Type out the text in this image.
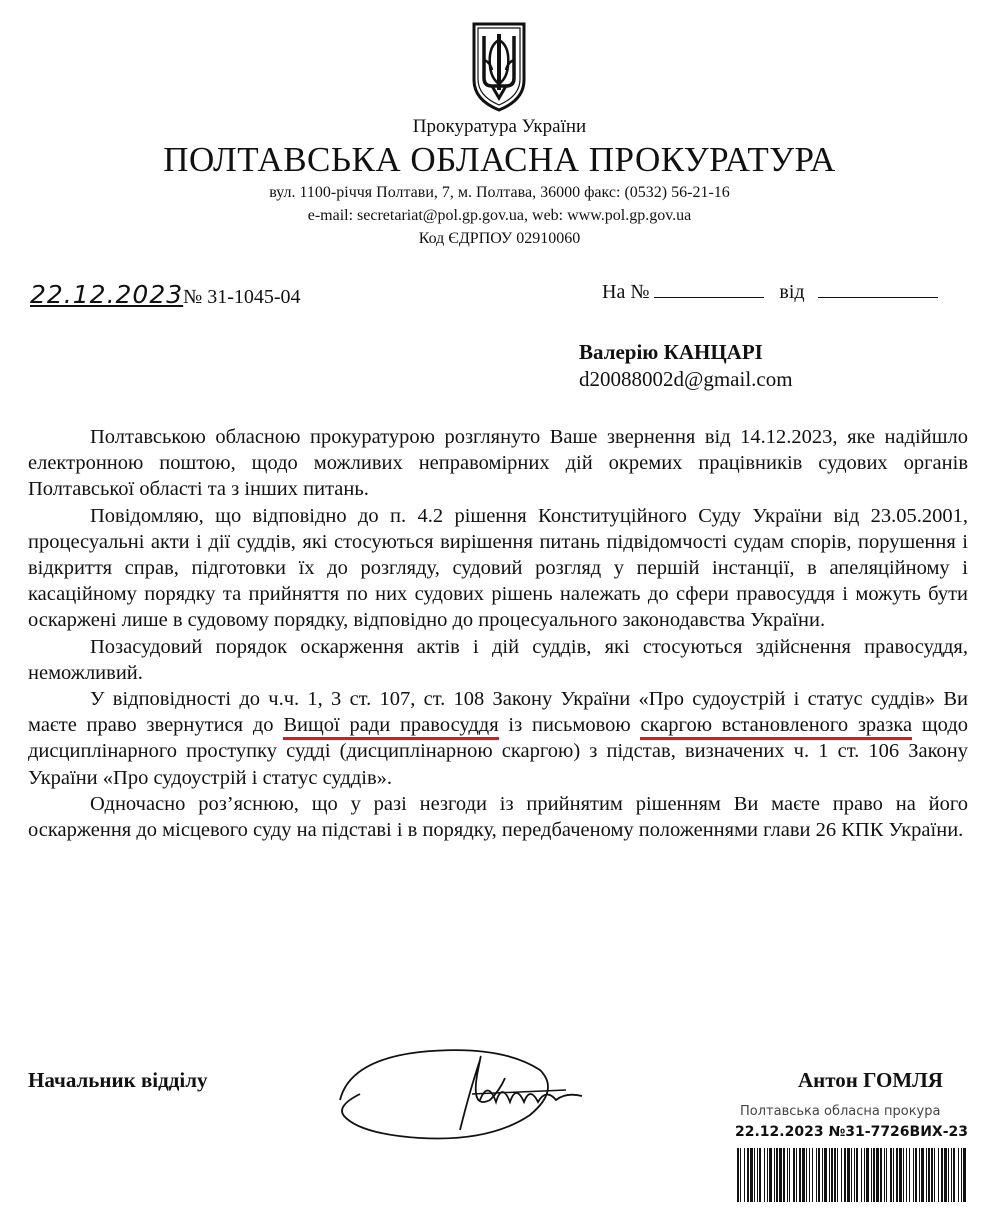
Прокуратура України
ПОЛТАВСЬКА ОБЛАСНА ПРОКУРАТУРА
вул. 1100-річчя Полтави, 7, м. Полтава, 36000 факс: (0532) 56-21-16
e-mail: secretariat@pol.gp.gov.ua, web: www.pol.gp.gov.ua
Код ЄДРПОУ 02910060
22.12.2023№ 31-1045-04	На №	від
Валерію КАНЦАРІ
d20088002d@gmail.com

Полтавською обласною прокуратурою розглянуто Ваше звернення від 14.12.2023, яке надійшло електронною поштою, щодо можливих неправомірних дій окремих працівників судових органів Полтавської області та з інших питань.

Повідомляю, що відповідно до п. 4.2 рішення Конституційного Суду України від 23.05.2001, процесуальні акти і дії суддів, які стосуються вирішення питань підвідомчості судам спорів, порушення і відкриття справ, підготовки їх до розгляду, судовий розгляд у першій інстанції, в апеляційному і касаційному порядку та прийняття по них судових рішень належать до сфери правосуддя і можуть бути оскаржені лише в судовому порядку, відповідно до процесуального законодавства України.

Позасудовий порядок оскарження актів і дій суддів, які стосуються здійснення правосуддя, неможливий.

У відповідності до ч.ч. 1, 3 ст. 107, ст. 108 Закону України «Про судоустрій і статус суддів» Ви маєте право звернутися до Вищої ради правосуддя із письмовою скаргою встановленого зразка щодо дисциплінарного проступку судді (дисциплінарною скаргою) з підстав, визначених ч. 1 ст. 106 Закону України «Про судоустрій і статус суддів».

Одночасно роз’яснюю, що у разі незгоди із прийнятим рішенням Ви маєте право на його оскарження до місцевого суду на підставі і в порядку, передбаченому положеннями глави 26 КПК України.

Начальник відділу	Антон ГОМЛЯ
Полтавська обласна прокура
22.12.2023 №31-7726ВИХ-23
